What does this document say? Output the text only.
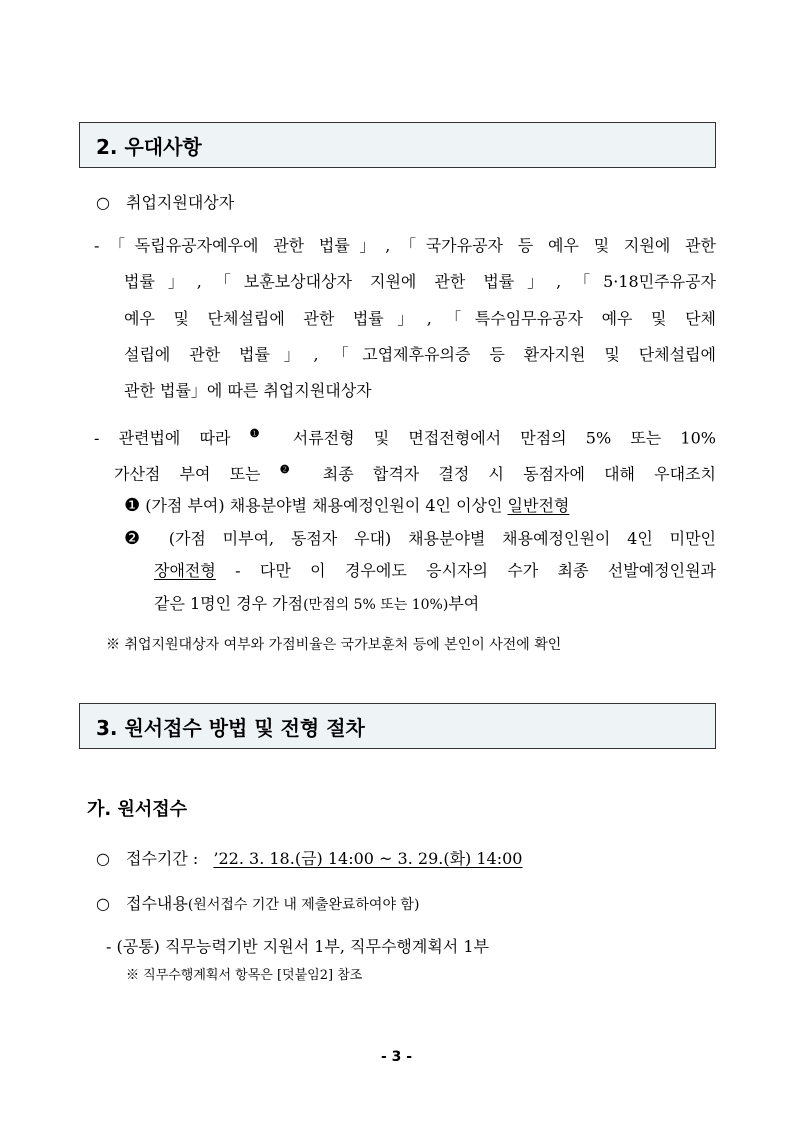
2. 우대사항
○ 취업지원대상자
-「독립유공자예우에 관한 법률」,「국가유공자 등 예우 및 지원에 관한
법률」,「보훈보상대상자 지원에 관한 법률」,「5·18민주유공자
예우 및 단체설립에 관한 법률」,「특수임무유공자 예우 및 단체
설립에 관한 법률」,「고엽제후유의증 등 환자지원 및 단체설립에
관한 법률」에 따른 취업지원대상자
- 관련법에 따라 $^❶$ 서류전형 및 면접전형에서 만점의 5% 또는 10%
가산점 부여 또는 $^❷$ 최종 합격자 결정 시 동점자에 대해 우대조치
❶ (가점 부여) 채용분야별 채용예정인원이 4인 이상인 일반전형
❷ (가점 미부여, 동점자 우대) 채용분야별 채용예정인원이 4인 미만인
장애전형 - 다만 이 경우에도 응시자의 수가 최종 선발예정인원과
같은 1명인 경우 가점(만점의 5% 또는 10%)부여
※ 취업지원대상자 여부와 가점비율은 국가보훈처 등에 본인이 사전에 확인
3. 원서접수 방법 및 전형 절차
가. 원서접수
○ 접수기간 : ’22. 3. 18.(금) 14:00 ~ 3. 29.(화) 14:00
○ 접수내용(원서접수 기간 내 제출완료하여야 함)
- (공통) 직무능력기반 지원서 1부, 직무수행계획서 1부
※ 직무수행계획서 항목은 [덧붙임2] 참조
- 3 -
